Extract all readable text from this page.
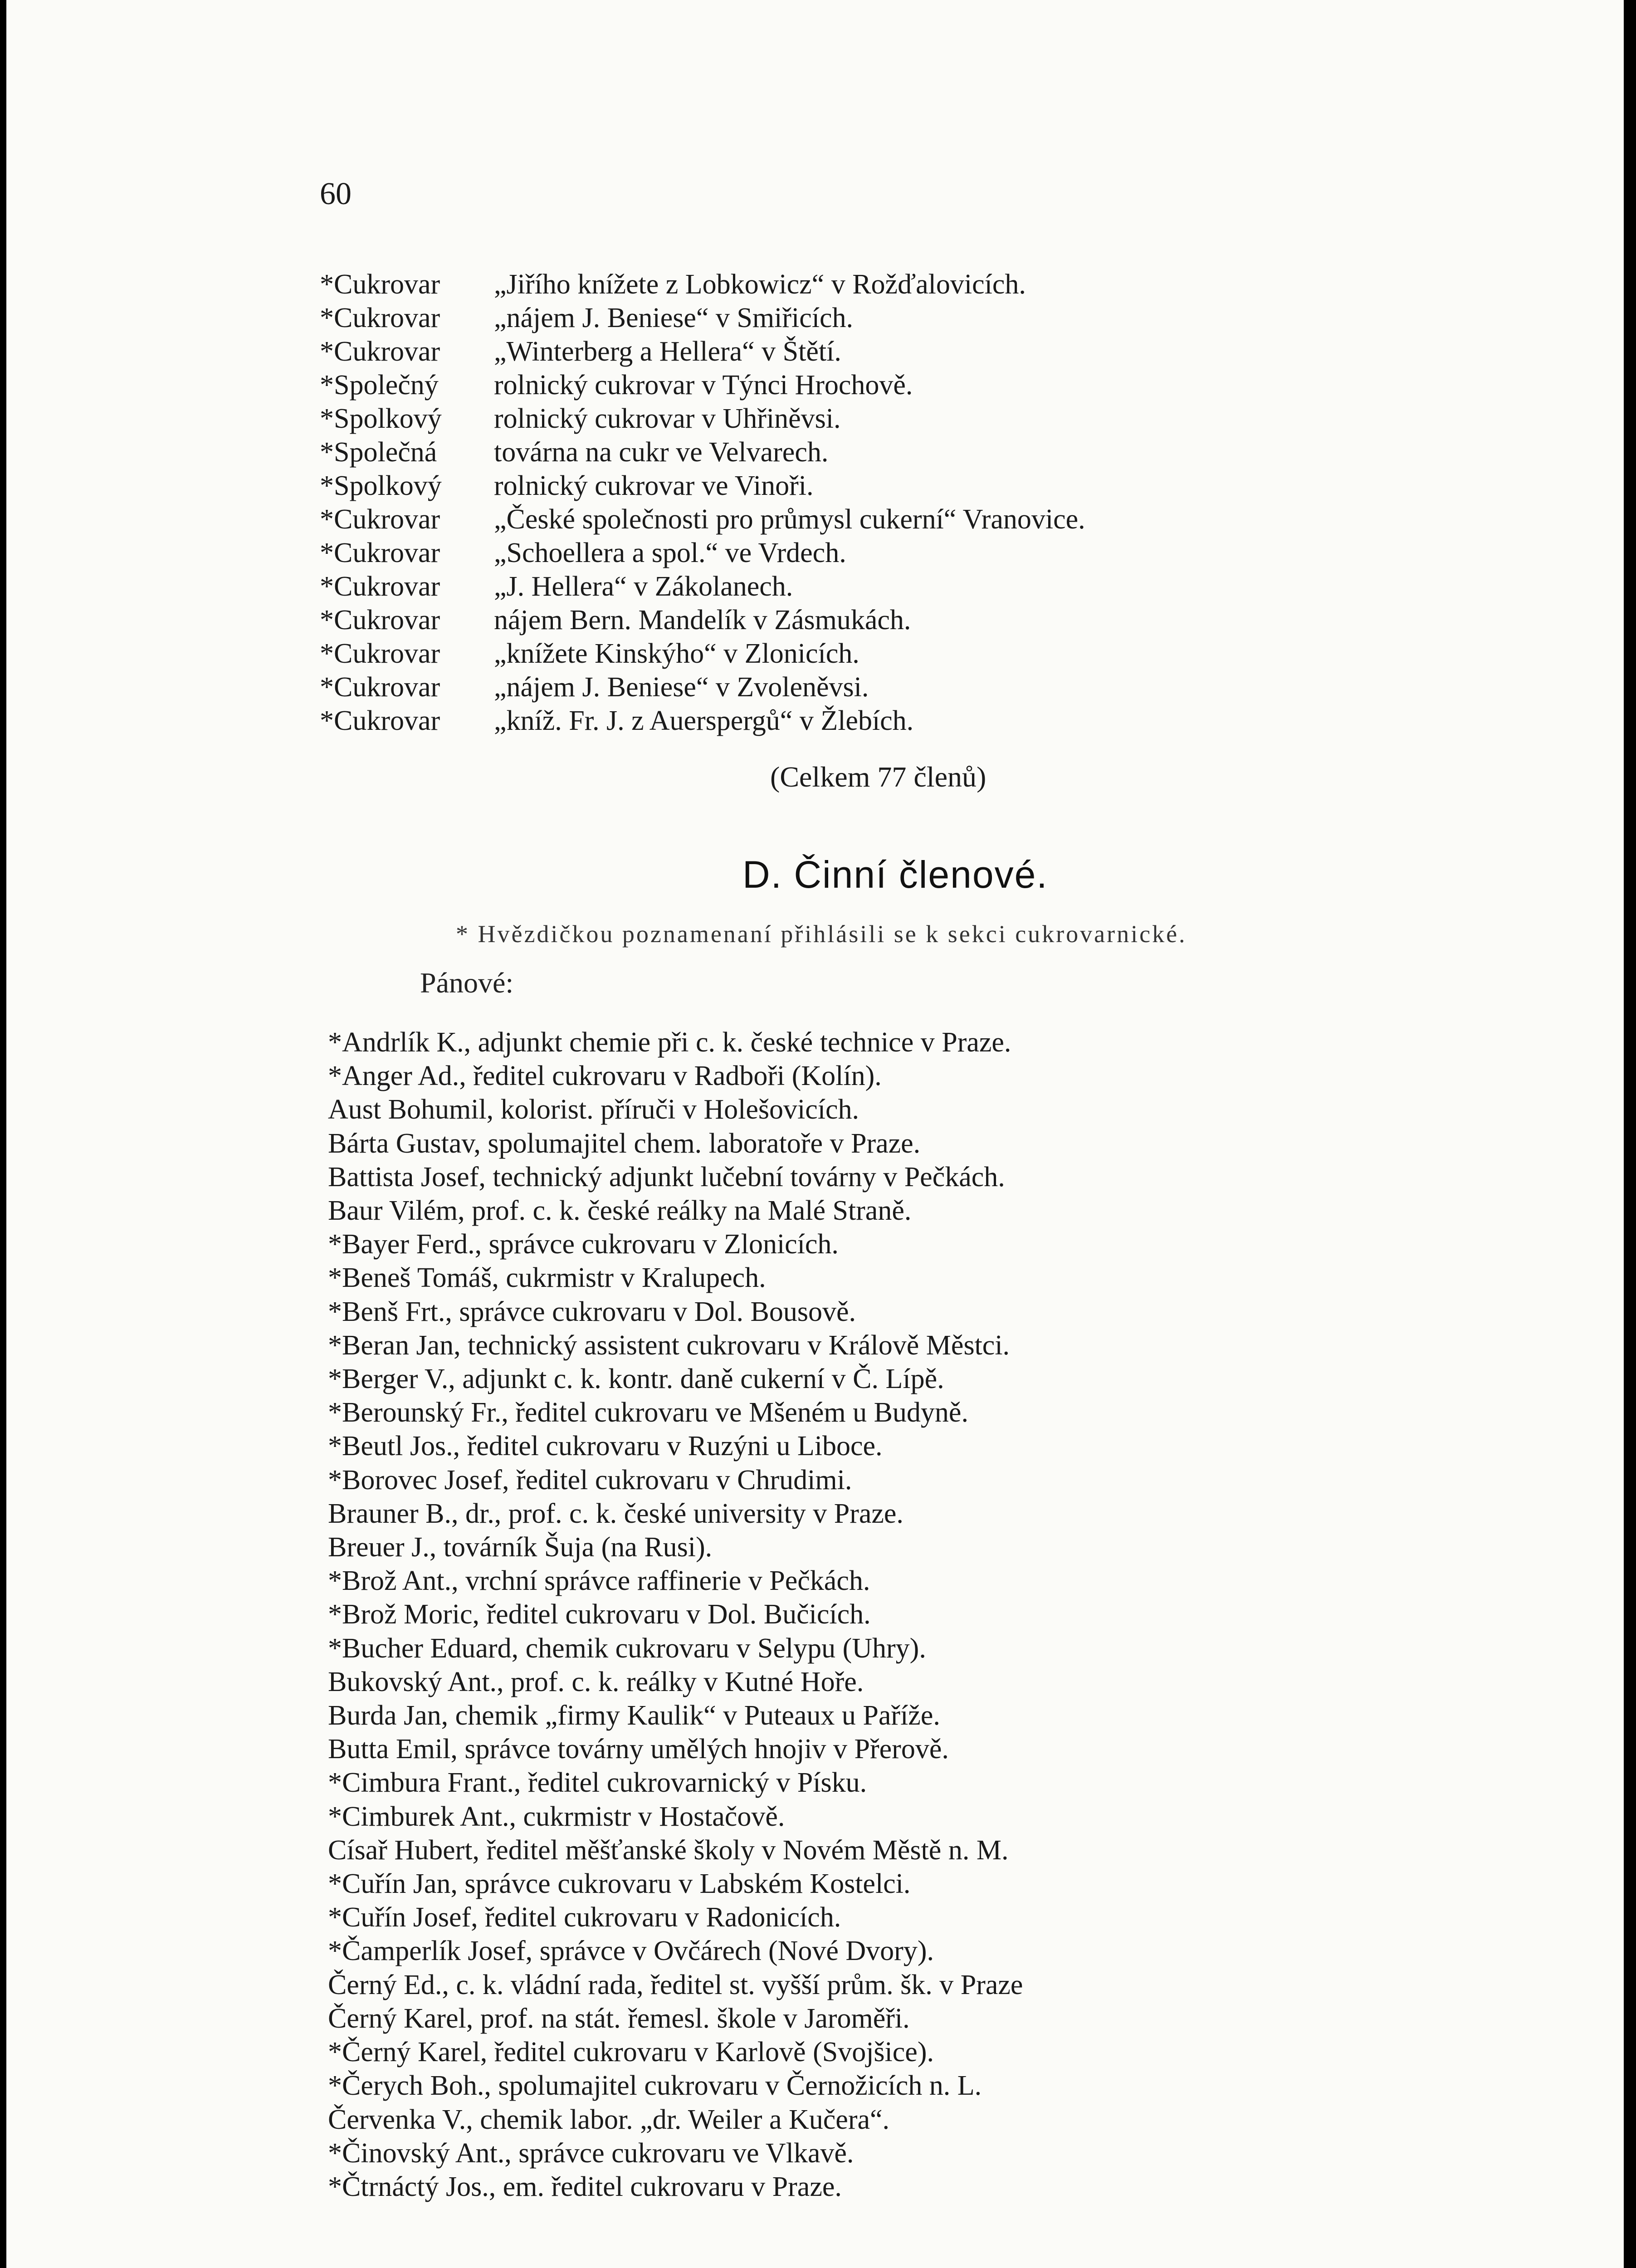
60
*Cukrovar „Jiřího knížete z Lobkowicz“ v Rožďalovicích.
*Cukrovar „nájem J. Beniese“ v Smiřicích.
*Cukrovar „Winterberg a Hellera“ v Štětí.
*Společný rolnický cukrovar v Týnci Hrochově.
*Spolkový rolnický cukrovar v Uhřiněvsi.
*Společná továrna na cukr ve Velvarech.
*Spolkový rolnický cukrovar ve Vinoři.
*Cukrovar „České společnosti pro průmysl cukerní“ Vranovice.
*Cukrovar „Schoellera a spol.“ ve Vrdech.
*Cukrovar „J. Hellera“ v Zákolanech.
*Cukrovar nájem Bern. Mandelík v Zásmukách.
*Cukrovar „knížete Kinskýho“ v Zlonicích.
*Cukrovar „nájem J. Beniese“ v Zvoleněvsi.
*Cukrovar „kníž. Fr. J. z Auerspergů“ v Žlebích.
(Celkem 77 členů)
D. Činní členové.
* Hvězdičkou poznamenaní přihlásili se k sekci cukrovarnické.
Pánové:
*Andrlík K., adjunkt chemie při c. k. české technice v Praze.
*Anger Ad., ředitel cukrovaru v Radboři (Kolín).
Aust Bohumil, kolorist. příruči v Holešovicích.
Bárta Gustav, spolumajitel chem. laboratoře v Praze.
Battista Josef, technický adjunkt lučební továrny v Pečkách.
Baur Vilém, prof. c. k. české reálky na Malé Straně.
*Bayer Ferd., správce cukrovaru v Zlonicích.
*Beneš Tomáš, cukrmistr v Kralupech.
*Benš Frt., správce cukrovaru v Dol. Bousově.
*Beran Jan, technický assistent cukrovaru v Králově Městci.
*Berger V., adjunkt c. k. kontr. daně cukerní v Č. Lípě.
*Berounský Fr., ředitel cukrovaru ve Mšeném u Budyně.
*Beutl Jos., ředitel cukrovaru v Ruzýni u Liboce.
*Borovec Josef, ředitel cukrovaru v Chrudimi.
Brauner B., dr., prof. c. k. české university v Praze.
Breuer J., továrník Šuja (na Rusi).
*Brož Ant., vrchní správce raffinerie v Pečkách.
*Brož Moric, ředitel cukrovaru v Dol. Bučicích.
*Bucher Eduard, chemik cukrovaru v Selypu (Uhry).
Bukovský Ant., prof. c. k. reálky v Kutné Hoře.
Burda Jan, chemik „firmy Kaulik“ v Puteaux u Paříže.
Butta Emil, správce továrny umělých hnojiv v Přerově.
*Cimbura Frant., ředitel cukrovarnický v Písku.
*Cimburek Ant., cukrmistr v Hostačově.
Císař Hubert, ředitel měšťanské školy v Novém Městě n. M.
*Cuřín Jan, správce cukrovaru v Labském Kostelci.
*Cuřín Josef, ředitel cukrovaru v Radonicích.
*Čamperlík Josef, správce v Ovčárech (Nové Dvory).
Černý Ed., c. k. vládní rada, ředitel st. vyšší prům. šk. v Praze
Černý Karel, prof. na stát. řemesl. škole v Jaroměři.
*Černý Karel, ředitel cukrovaru v Karlově (Svojšice).
*Čerych Boh., spolumajitel cukrovaru v Černožicích n. L.
Červenka V., chemik labor. „dr. Weiler a Kučera“.
*Činovský Ant., správce cukrovaru ve Vlkavě.
*Čtrnáctý Jos., em. ředitel cukrovaru v Praze.
